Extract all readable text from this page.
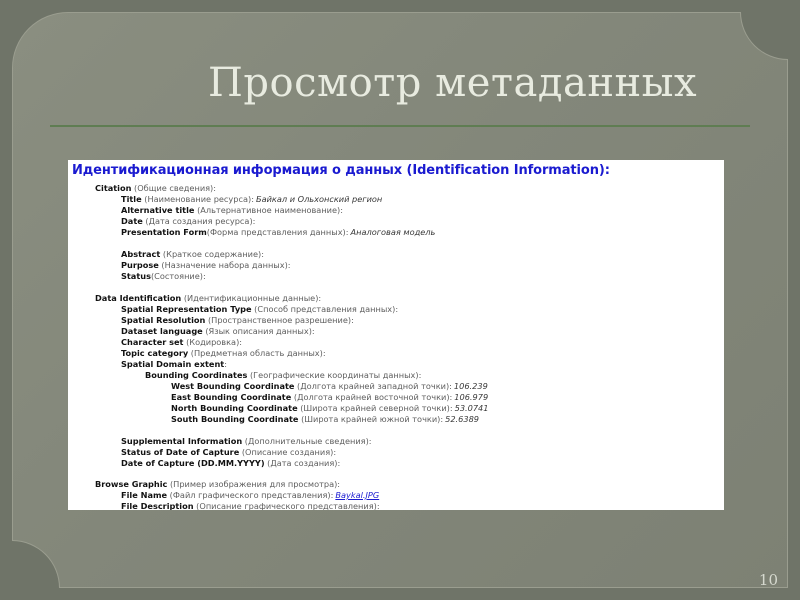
Просмотр метаданных
Идентификационная информация о данных (Identification Information):
Citation (Общие сведения):
Title (Наименование ресурса): Байкал и Ольхонский регион
Alternative title (Альтернативное наименование):
Date (Дата создания ресурса):
Presentation Form(Форма представления данных): Аналоговая модель
Abstract (Краткое содержание):
Purpose (Назначение набора данных):
Status(Состояние):
Data Identification (Идентификационные данные):
Spatial Representation Type (Способ представления данных):
Spatial Resolution (Пространственное разрешение):
Dataset language (Язык описания данных):
Character set (Кодировка):
Topic category (Предметная область данных):
Spatial Domain extent:
Bounding Coordinates (Географические координаты данных):
West Bounding Coordinate (Долгота крайней западной точки): 106.239
East Bounding Coordinate (Долгота крайней восточной точки): 106.979
North Bounding Coordinate (Широта крайней северной точки): 53.0741
South Bounding Coordinate (Широта крайней южной точки): 52.6389
Supplemental Information (Дополнительные сведения):
Status of Date of Capture (Описание создания):
Date of Capture (DD.MM.YYYY) (Дата создания):
Browse Graphic (Пример изображения для просмотра):
File Name (Файл графического представления): Baykal.JPG
File Description (Описание графического представления):
10
